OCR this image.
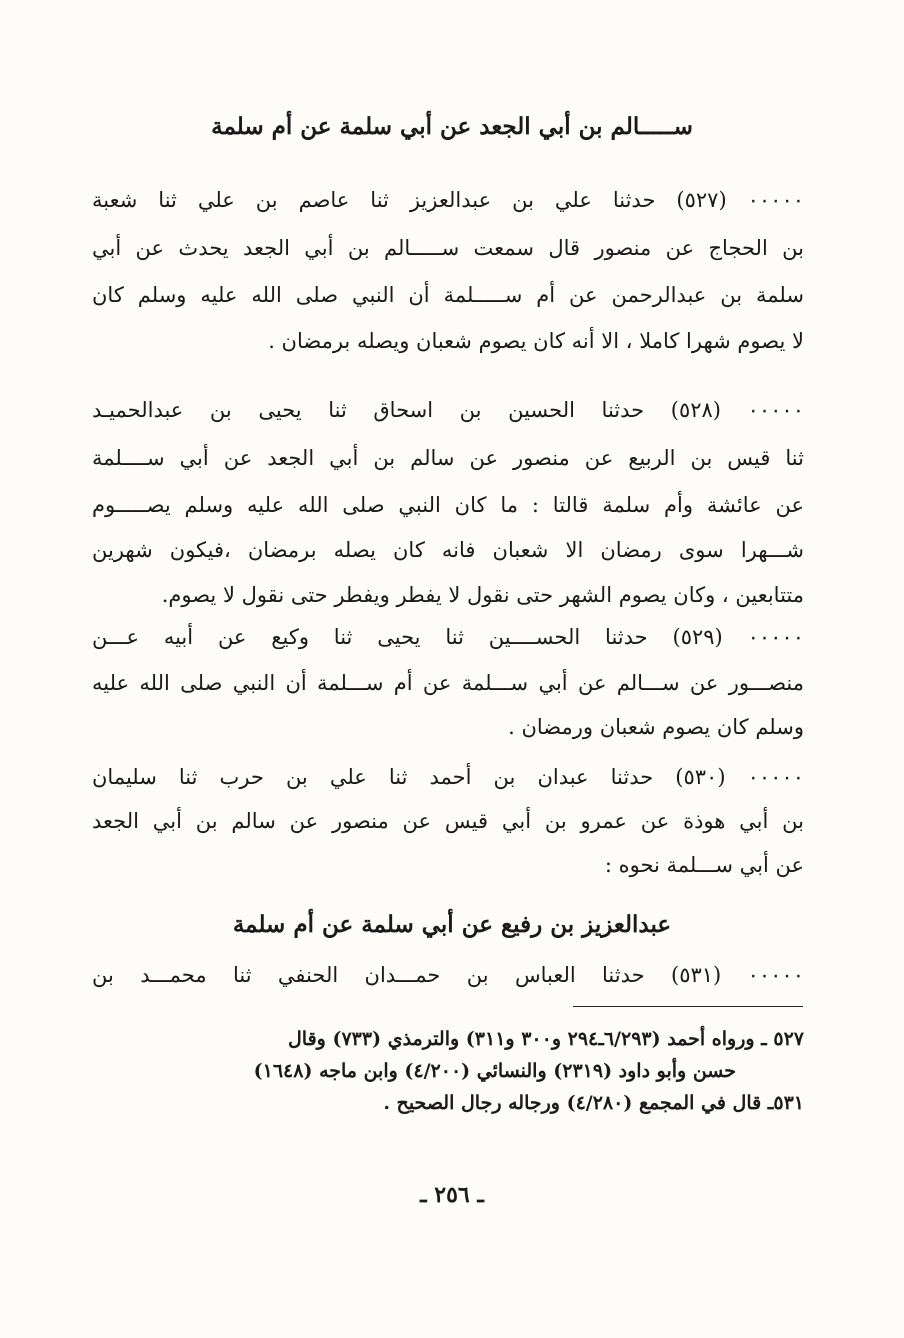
ســـــالم بن أبي الجعد عن أبي سلمة عن أم سلمة
٠٠٠٠٠ (٥٢٧) حدثنا علي بن عبدالعزيز ثنا عاصم بن علي ثنا شعبة
بن الحجاج عن منصور قال سمعت ســـــالم بن أبي الجعد يحدث عن أبي
سلمة بن عبدالرحمن عن أم ســـــلمة أن النبي صلى الله عليه وسلم كان
لا يصوم شهرا كاملا ، الا أنه كان يصوم شعبان ويصله برمضان .
٠٠٠٠٠ (٥٢٨) حدثنا الحسين بن اسحاق ثنا يحيى بن عبدالحميـد
ثنا قيس بن الربيع عن منصور عن سالم بن أبي الجعد عن أبي ســــلمة
عن عائشة وأم سلمة قالتا : ما كان النبي صلى الله عليه وسلم يصـــــوم
شـــهرا سوى رمضان الا شعبان فانه كان يصله برمضان ،فيكون شهرين
متتابعين ، وكان يصوم الشهر حتى نقول لا يفطر ويفطر حتى نقول لا يصوم.
٠٠٠٠٠ (٥٢٩) حدثنا الحســــين ثنا يحيى ثنا وكيع عن أبيه عـــن
منصـــور عن ســـالم عن أبي ســـلمة عن أم ســـلمة أن النبي صلى الله عليه
وسلم كان يصوم شعبان ورمضان .
٠٠٠٠٠ (٥٣٠) حدثنا عبدان بن أحمد ثنا علي بن حرب ثنا سليمان
بن أبي هوذة عن عمرو بن أبي قيس عن منصور عن سالم بن أبي الجعد
عن أبي ســـلمة نحوه :
عبدالعزيز بن رفيع عن أبي سلمة عن أم سلمة
٠٠٠٠٠ (٥٣١) حدثنا العباس بن حمـــدان الحنفي ثنا محمـــد بن
٥٢٧ ـ ورواه أحمد (٦/٢٩٣ـ٢٩٤ و٣٠٠ و٣١١) والترمذي (٧٣٣) وقال
حسن وأبو داود (٢٣١٩) والنسائي (٤/٢٠٠) وابن ماجه (١٦٤٨)
٥٣١ـ قال في المجمع (٤/٢٨٠) ورجاله رجال الصحيح .
ـ ٢٥٦ ـ
